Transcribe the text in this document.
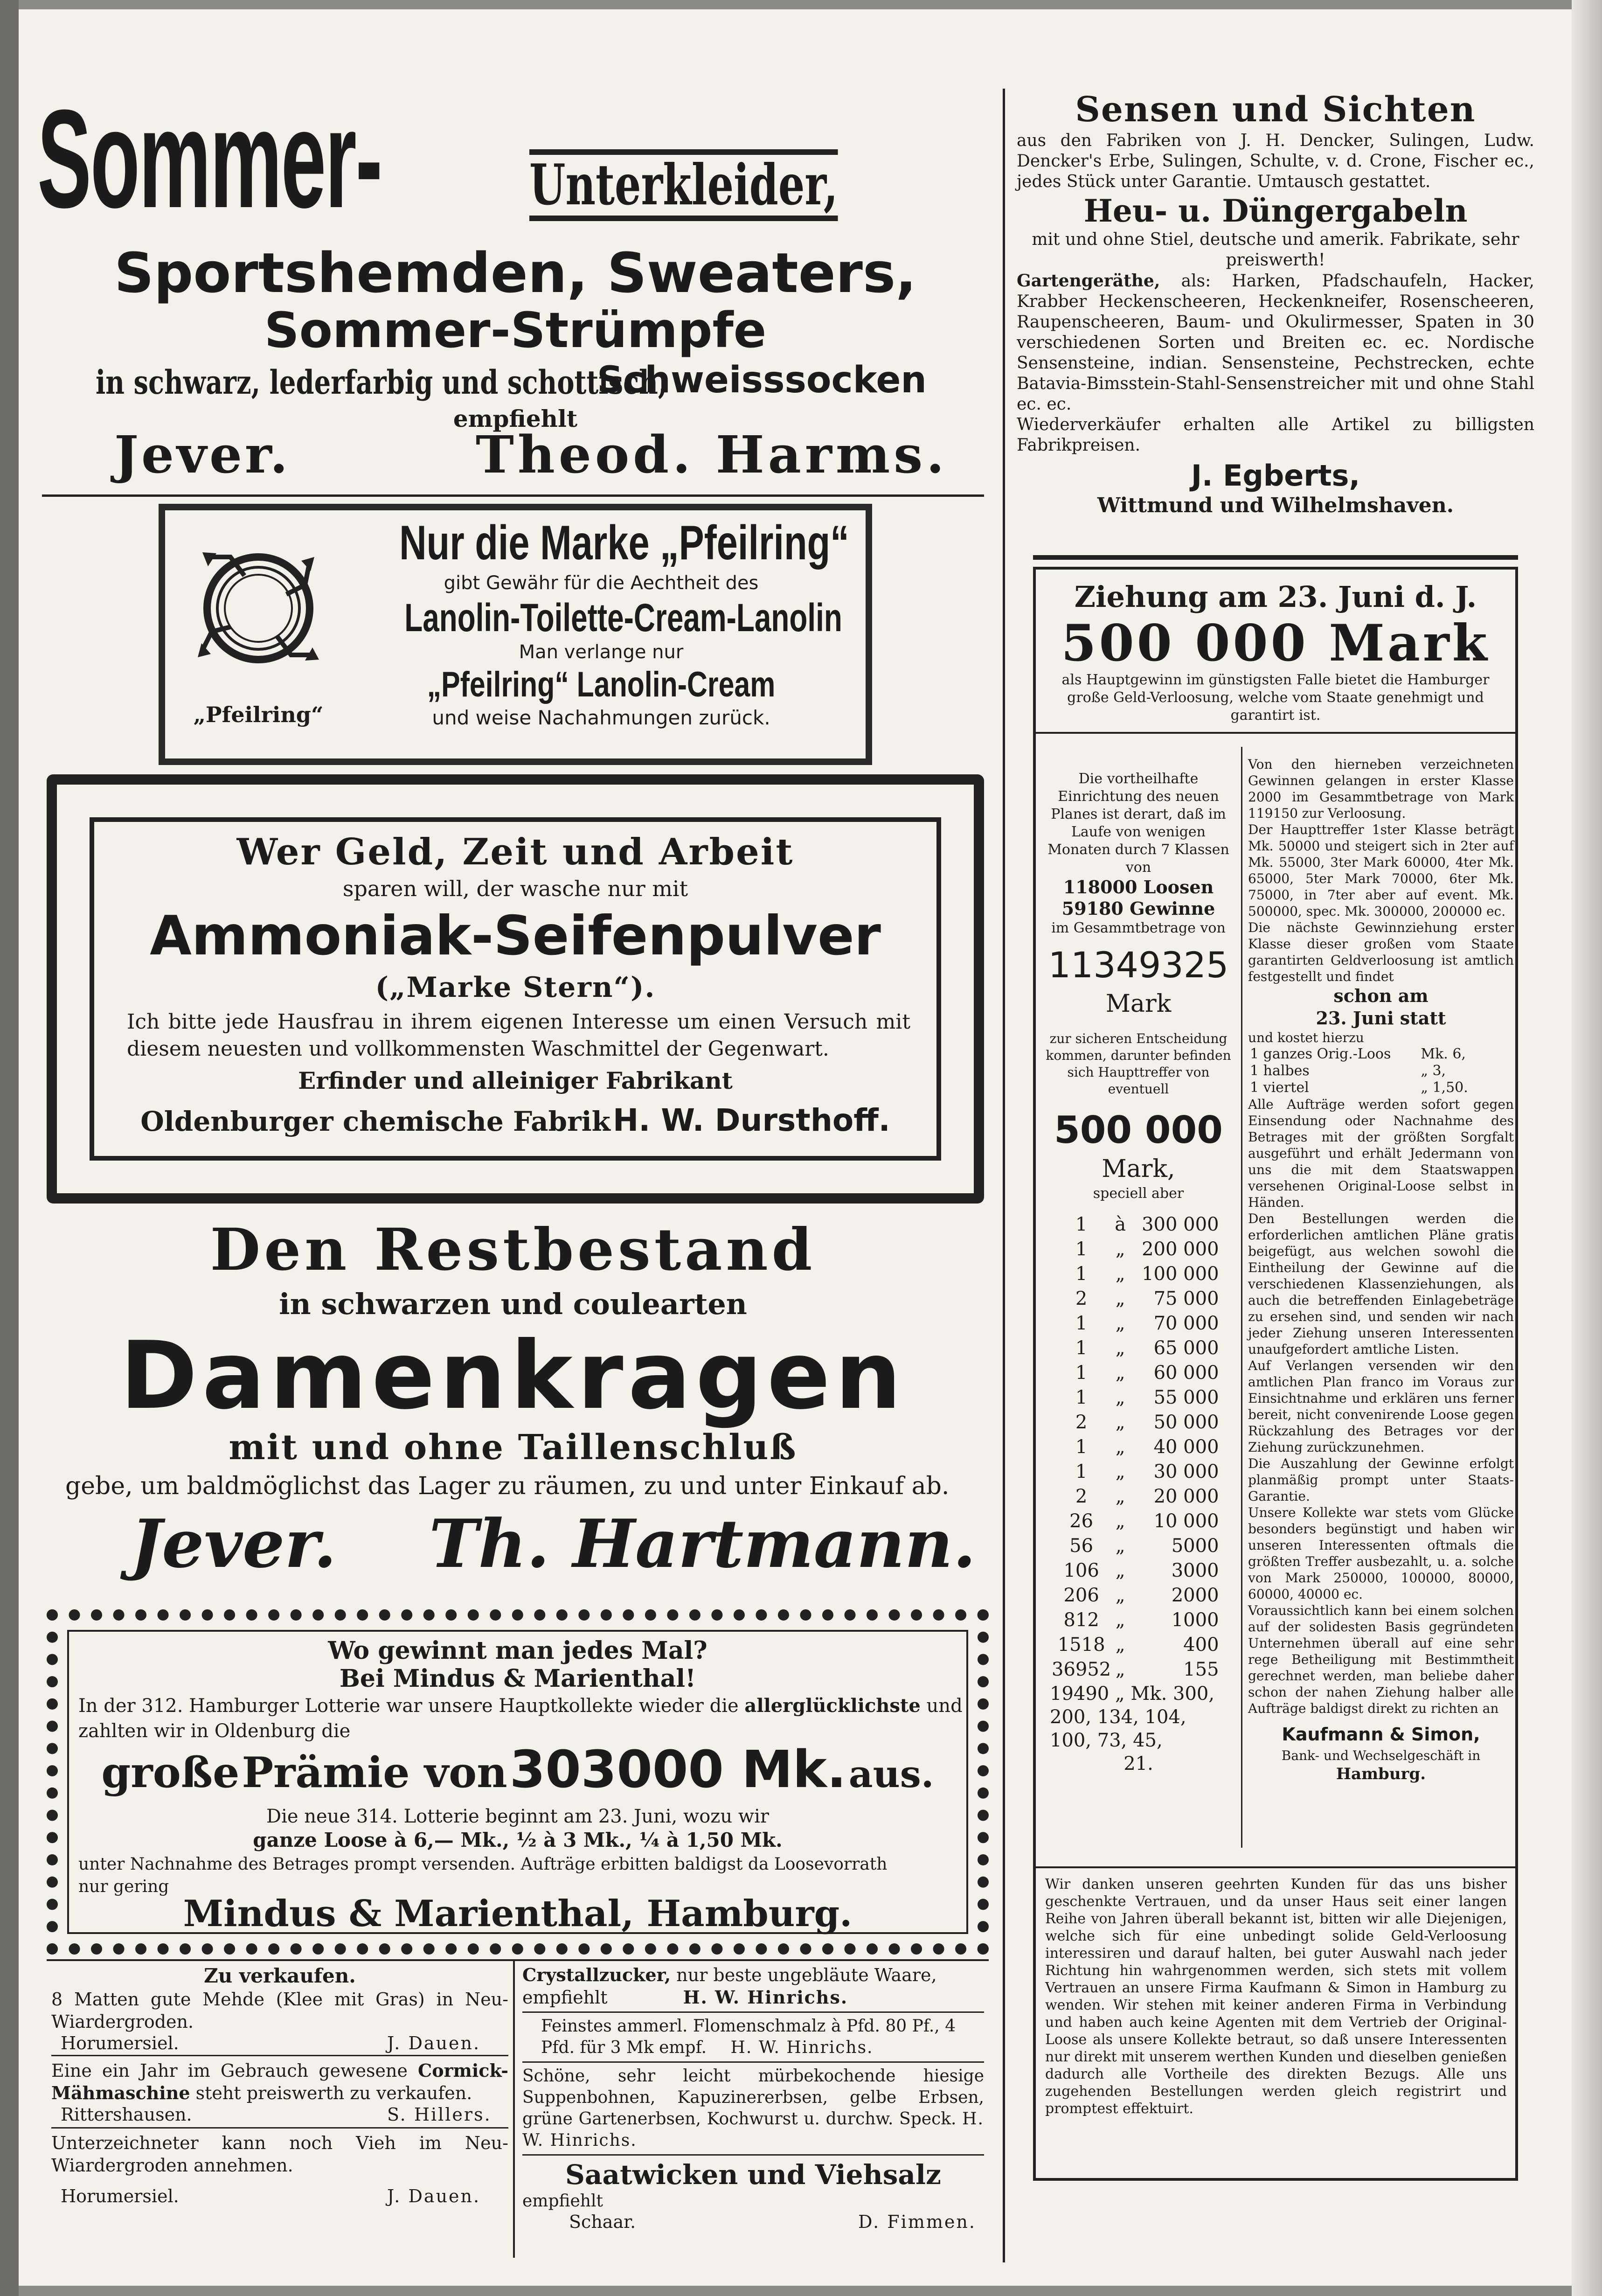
Sommer-	Unterkleider,
Sportshemden, Sweaters,
Sommer-Strümpfe
in schwarz, lederfarbig und schottisch,
Schweisssocken
empfiehlt
Jever.	Theod. Harms.
„Pfeilring“
Nur die Marke „Pfeilring“
gibt Gewähr für die Aechtheit des
Lanolin-Toilette-Cream-Lanolin
Man verlange nur
„Pfeilring“ Lanolin-Cream
und weise Nachahmungen zurück.
Wer Geld, Zeit und Arbeit
sparen will, der wasche nur mit
Ammoniak-Seifenpulver
(„Marke Stern“).
Ich bitte jede Hausfrau in ihrem eigenen Interesse um einen Versuch mit diesem neuesten und vollkommensten Waschmittel der Gegenwart.
Erfinder und alleiniger Fabrikant
Oldenburger chemische Fabrik H. W. Dursthoff.
Den Restbestand
in schwarzen und coulearten
Damenkragen
mit und ohne Taillenschluß
gebe, um baldmöglichst das Lager zu räumen, zu und unter Einkauf ab.
Jever. Th. Hartmann.
Wo gewinnt man jedes Mal?
Bei Mindus & Marienthal!
In der 312. Hamburger Lotterie war unsere Hauptkollekte wieder die allerglücklichste und
zahlten wir in Oldenburg die
große Prämie von 303000 Mk. aus.
Die neue 314. Lotterie beginnt am 23. Juni, wozu wir
ganze Loose à 6,— Mk., ½ à 3 Mk., ¼ à 1,50 Mk.
unter Nachnahme des Betrages prompt versenden. Aufträge erbitten baldigst da Loosevorrath
nur gering
Mindus & Marienthal, Hamburg.
Zu verkaufen.
8 Matten gute Mehde (Klee mit Gras) in Neu-Wiardergroden.
Horumersiel.	J. Dauen.
Eine ein Jahr im Gebrauch gewesene Cormick-Mähmaschine steht preiswerth zu verkaufen.
Rittershausen.	S. Hillers.
Unterzeichneter kann noch Vieh im Neu-Wiardergroden annehmen.
Horumersiel.	J. Dauen.
Crystallzucker, nur beste ungebläute Waare, empfiehlt	H. W. Hinrichs.
Feinstes ammerl. Flomenschmalz à Pfd. 80 Pf., 4 Pfd. für 3 Mk empf. H. W. Hinrichs.
Schöne, sehr leicht mürbekochende hiesige Suppenbohnen, Kapuzinererbsen, gelbe Erbsen, grüne Gartenerbsen, Kochwurst u. durchw. Speck. H. W. Hinrichs.
Saatwicken und Viehsalz
empfiehlt
Schaar.	D. Fimmen.
Sensen und Sichten
aus den Fabriken von J. H. Dencker, Sulingen, Ludw. Dencker's Erbe, Sulingen, Schulte, v. d. Crone, Fischer ec., jedes Stück unter Garantie. Umtausch gestattet.
Heu- u. Düngergabeln
mit und ohne Stiel, deutsche und amerik. Fabrikate, sehr preiswerth!
Gartengeräthe, als: Harken, Pfadschaufeln, Hacker, Krabber Heckenscheeren, Heckenkneifer, Rosenscheeren, Raupenscheeren, Baum- und Okulirmesser, Spaten in 30 verschiedenen Sorten und Breiten ec. ec. Nordische Sensensteine, indian. Sensensteine, Pechstrecken, echte Batavia-Bimsstein-Stahl-Sensenstreicher mit und ohne Stahl ec. ec.
Wiederverkäufer erhalten alle Artikel zu billigsten Fabrikpreisen.
J. Egberts,
Wittmund und Wilhelmshaven.
Ziehung am 23. Juni d. J.
500 000 Mark
als Hauptgewinn im günstigsten Falle bietet die Hamburger große Geld-Verloosung, welche vom Staate genehmigt und garantirt ist.
Die vortheilhafte Einrichtung des neuen Planes ist derart, daß im Laufe von wenigen Monaten durch 7 Klassen von
118000 Loosen
59180 Gewinne
im Gesammtbetrage von
11349325
Mark
zur sicheren Entscheidung kommen, darunter befinden sich Haupttreffer von eventuell
500 000
Mark,
speciell aber
1	à	300 000
1	„	200 000
1	„	100 000
2	„	75 000
1	„	70 000
1	„	65 000
1	„	60 000
1	„	55 000
2	„	50 000
1	„	40 000
1	„	30 000
2	„	20 000
26	„	10 000
56	„	5000
106	„	3000
206	„	2000
812	„	1000
1518	„	400
36952	„	155
19490 „ Mk. 300,
200, 134, 104,
100, 73, 45,
21.
Von den hierneben verzeichneten Gewinnen gelangen in erster Klasse 2000 im Gesammtbetrage von Mark 119150 zur Verloosung.
Der Haupttreffer 1ster Klasse beträgt Mk. 50000 und steigert sich in 2ter auf Mk. 55000, 3ter Mark 60000, 4ter Mk. 65000, 5ter Mark 70000, 6ter Mk. 75000, in 7ter aber auf event. Mk. 500000, spec. Mk. 300000, 200000 ec.
Die nächste Gewinnziehung erster Klasse dieser großen vom Staate garantirten Geldverloosung ist amtlich festgestellt und findet
schon am
23. Juni statt
und kostet hierzu
1 ganzes Orig.-Loos	Mk. 6,
1 halbes	„ 3,
1 viertel	„ 1,50.
Alle Aufträge werden sofort gegen Einsendung oder Nachnahme des Betrages mit der größten Sorgfalt ausgeführt und erhält Jedermann von uns die mit dem Staatswappen versehenen Original-Loose selbst in Händen.
Den Bestellungen werden die erforderlichen amtlichen Pläne gratis beigefügt, aus welchen sowohl die Eintheilung der Gewinne auf die verschiedenen Klassenziehungen, als auch die betreffenden Einlagebeträge zu ersehen sind, und senden wir nach jeder Ziehung unseren Interessenten unaufgefordert amtliche Listen.
Auf Verlangen versenden wir den amtlichen Plan franco im Voraus zur Einsichtnahme und erklären uns ferner bereit, nicht convenirende Loose gegen Rückzahlung des Betrages vor der Ziehung zurückzunehmen.
Die Auszahlung der Gewinne erfolgt planmäßig prompt unter Staats-Garantie.
Unsere Kollekte war stets vom Glücke besonders begünstigt und haben wir unseren Interessenten oftmals die größten Treffer ausbezahlt, u. a. solche von Mark 250000, 100000, 80000, 60000, 40000 ec.
Voraussichtlich kann bei einem solchen auf der solidesten Basis gegründeten Unternehmen überall auf eine sehr rege Betheiligung mit Bestimmtheit gerechnet werden, man beliebe daher schon der nahen Ziehung halber alle Aufträge baldigst direkt zu richten an
Kaufmann & Simon,
Bank- und Wechselgeschäft in
Hamburg.
Wir danken unseren geehrten Kunden für das uns bisher geschenkte Vertrauen, und da unser Haus seit einer langen Reihe von Jahren überall bekannt ist, bitten wir alle Diejenigen, welche sich für eine unbedingt solide Geld-Verloosung interessiren und darauf halten, bei guter Auswahl nach jeder Richtung hin wahrgenommen werden, sich stets mit vollem Vertrauen an unsere Firma Kaufmann & Simon in Hamburg zu wenden. Wir stehen mit keiner anderen Firma in Verbindung und haben auch keine Agenten mit dem Vertrieb der Original-Loose als unsere Kollekte betraut, so daß unsere Interessenten nur direkt mit unserem werthen Kunden und dieselben genießen dadurch alle Vortheile des direkten Bezugs. Alle uns zugehenden Bestellungen werden gleich registrirt und promptest effektuirt.
